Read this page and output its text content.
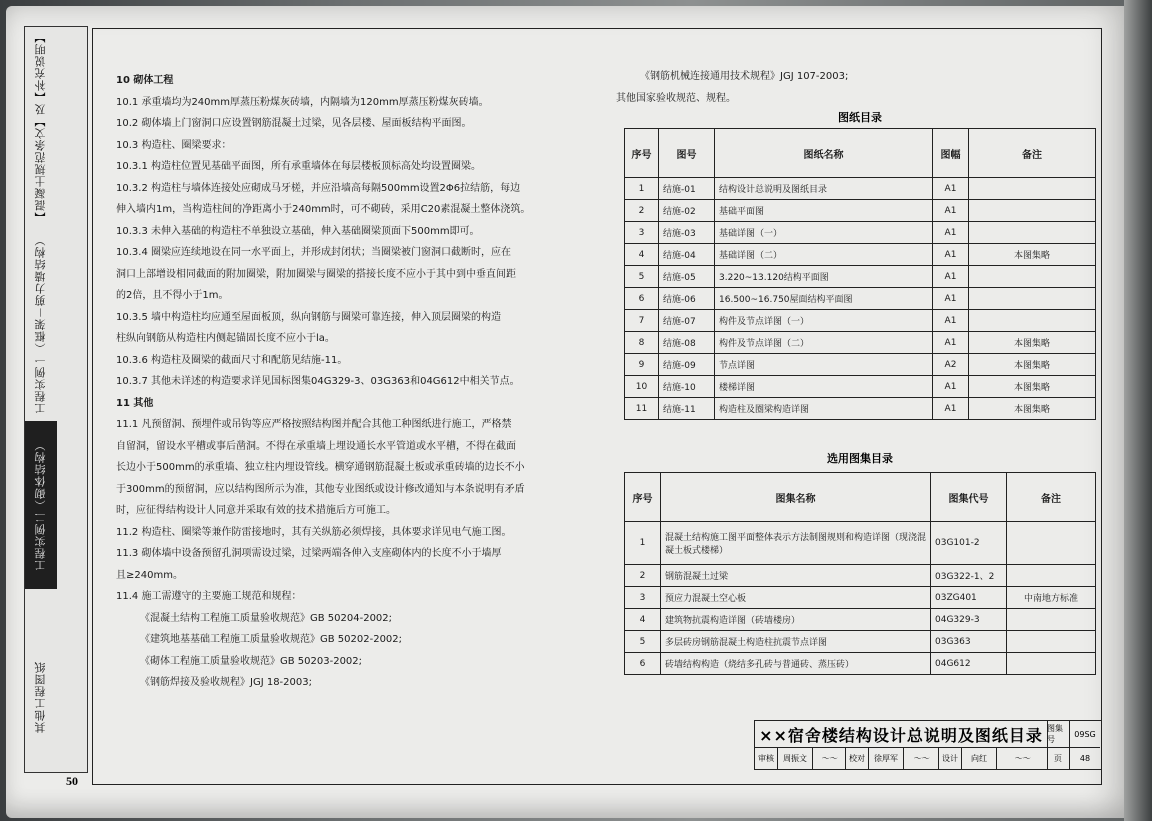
【混凝土规范条文】及【补充说明】
工程实例一（框架－剪力墙结构）
工程实例二（砌体结构）
其他工程图纸
50

10 砌体工程

10.1 承重墙均为240mm厚蒸压粉煤灰砖墙，内隔墙为120mm厚蒸压粉煤灰砖墙。

10.2 砌体墙上门窗洞口应设置钢筋混凝土过梁，见各层楼、屋面板结构平面图。

10.3 构造柱、圈梁要求：

10.3.1 构造柱位置见基础平面图，所有承重墙体在每层楼板顶标高处均设置圈梁。

10.3.2 构造柱与墙体连接处应砌成马牙槎，并应沿墙高每隔500mm设置2Φ6拉结筋，每边

伸入墙内1m，当构造柱间的净距离小于240mm时，可不砌砖，采用C20素混凝土整体浇筑。

10.3.3 未伸入基础的构造柱不单独设立基础，伸入基础圈梁顶面下500mm即可。

10.3.4 圈梁应连续地设在同一水平面上，并形成封闭状；当圈梁被门窗洞口截断时，应在

洞口上部增设相同截面的附加圈梁，附加圈梁与圈梁的搭接长度不应小于其中到中垂直间距

的2倍，且不得小于1m。

10.3.5 墙中构造柱均应通至屋面板顶，纵向钢筋与圈梁可靠连接，伸入顶层圈梁的构造

柱纵向钢筋从构造柱内侧起锚固长度不应小于la。

10.3.6 构造柱及圈梁的截面尺寸和配筋见结施-11。

10.3.7 其他未详述的构造要求详见国标图集04G329-3、03G363和04G612中相关节点。

11 其他

11.1 凡预留洞、预埋件或吊钩等应严格按照结构图并配合其他工种图纸进行施工，严格禁

自留洞，留设水平槽或事后凿洞。不得在承重墙上埋设通长水平管道或水平槽，不得在截面

长边小于500mm的承重墙、独立柱内埋设管线。横穿通钢筋混凝土板或承重砖墙的边长不小

于300mm的预留洞，应以结构图所示为准，其他专业图纸或设计修改通知与本条说明有矛盾

时，应征得结构设计人同意并采取有效的技术措施后方可施工。

11.2 构造柱、圈梁等兼作防雷接地时，其有关纵筋必须焊接，具体要求详见电气施工图。

11.3 砌体墙中设备预留孔洞项需设过梁，过梁两端各伸入支座砌体内的长度不小于墙厚

且≥240mm。

11.4 施工需遵守的主要施工规范和规程：

《混凝土结构工程施工质量验收规范》GB 50204-2002;

《建筑地基基础工程施工质量验收规范》GB 50202-2002;

《砌体工程施工质量验收规范》GB 50203-2002;

《钢筋焊接及验收规程》JGJ 18-2003;

《钢筋机械连接通用技术规程》JGJ 107-2003;

其他国家验收规范、规程。

图纸目录
序号	图号	图纸名称	图幅	备注
1	结施-01	结构设计总说明及图纸目录	A1	
2	结施-02	基础平面图	A1	
3	结施-03	基础详图（一）	A1	
4	结施-04	基础详图（二）	A1	本图集略
5	结施-05	3.220~13.120结构平面图	A1	
6	结施-06	16.500~16.750屋面结构平面图	A1	
7	结施-07	构件及节点详图（一）	A1	
8	结施-08	构件及节点详图（二）	A1	本图集略
9	结施-09	节点详图	A2	本图集略
10	结施-10	楼梯详图	A1	本图集略
11	结施-11	构造柱及圈梁构造详图	A1	本图集略
选用图集目录
序号	图集名称	图集代号	备注
1	混凝土结构施工图平面整体表示方法制图规则和构造详图（现浇混凝土板式楼梯）	03G101-2	
2	钢筋混凝土过梁	03G322-1、2	
3	预应力混凝土空心板	03ZG401	中南地方标准
4	建筑物抗震构造详图（砖墙楼房）	04G329-3	
5	多层砖房钢筋混凝土构造柱抗震节点详图	03G363	
6	砖墙结构构造（烧结多孔砖与普通砖、蒸压砖）	04G612	
××宿舍楼结构设计总说明及图纸目录 图集号
09SG
审核	周振文	～～	校对	徐厚军	～～	设计	向红	～～	页	48
